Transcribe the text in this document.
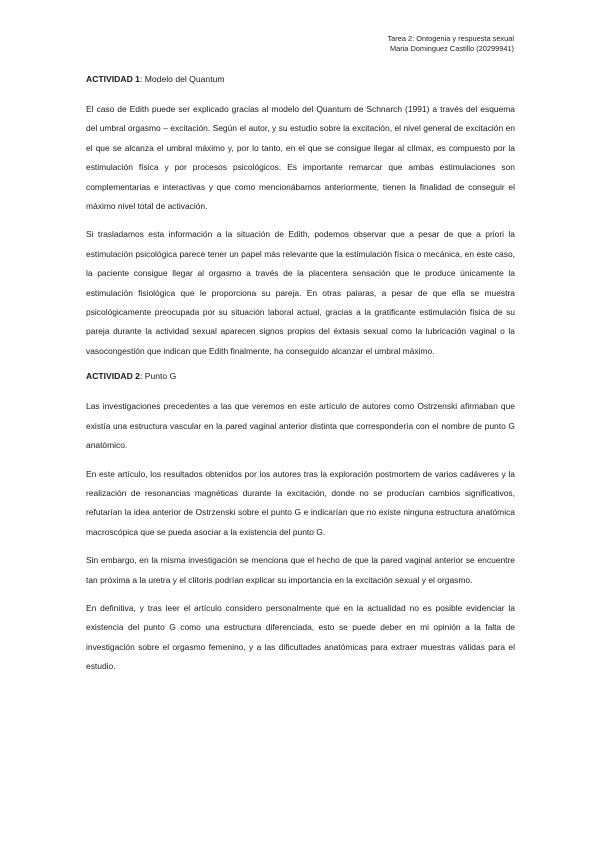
Tarea 2: Ontogenia y respuesta sexual
Maria Dominguez Castillo (20299941)
ACTIVIDAD 1: Modelo del Quantum

El caso de Edith puede ser explicado gracias al modelo del Quantum de Schnarch (1991) a través del esquema del umbral orgasmo – excitación. Según el autor, y su estudio sobre la excitación, el nivel general de excitación en el que se alcanza el umbral máximo y, por lo tanto, en el que se consigue llegar al clímax, es compuesto por la estimulación física y por procesos psicológicos. Es importante remarcar que ambas estimulaciones son complementarias e interactivas y que como mencionábamos anteriormente, tienen la finalidad de conseguir el máximo nivel total de activación.

Si trasladamos esta información a la situación de Edith, podemos observar que a pesar de que a priori la estimulación psicológica parece tener un papel más relevante que la estimulación física o mecánica, en este caso, la paciente consigue llegar al orgasmo a través de la placentera sensación que le produce únicamente la estimulación fisiológica que le proporciona su pareja. En otras palaras, a pesar de que ella se muestra psicológicamente preocupada por su situación laboral actual, gracias a la gratificante estimulación física de su pareja durante la actividad sexual aparecen signos propios del éxtasis sexual como la lubricación vaginal o la vasocongestión que indican que Edith finalmente, ha conseguido alcanzar el umbral máximo.

ACTIVIDAD 2: Punto G

Las investigaciones precedentes a las que veremos en este artículo de autores como Ostrzenski afirmaban que existía una estructura vascular en la pared vaginal anterior distinta que correspondería con el nombre de punto G anatómico.

En este artículo, los resultados obtenidos por los autores tras la exploración postmortem de varios cadáveres y la realización de resonancias magnéticas durante la excitación, donde no se producían cambios significativos, refutarían la idea anterior de Ostrzenski sobre el punto G e indicarían que no existe ninguna estructura anatómica macroscópica que se pueda asociar a la existencia del punto G.

Sin embargo, en la misma investigación se menciona que el hecho de que la pared vaginal anterior se encuentre tan próxima a la uretra y el clítoris podrían explicar su importancia en la excitación sexual y el orgasmo.

En definitiva, y tras leer el artículo considero personalmente que en la actualidad no es posible evidenciar la existencia del punto G como una estructura diferenciada, esto se puede deber en mi opinión a la falta de investigación sobre el orgasmo femenino, y a las dificultades anatómicas para extraer muestras válidas para el estudio.
